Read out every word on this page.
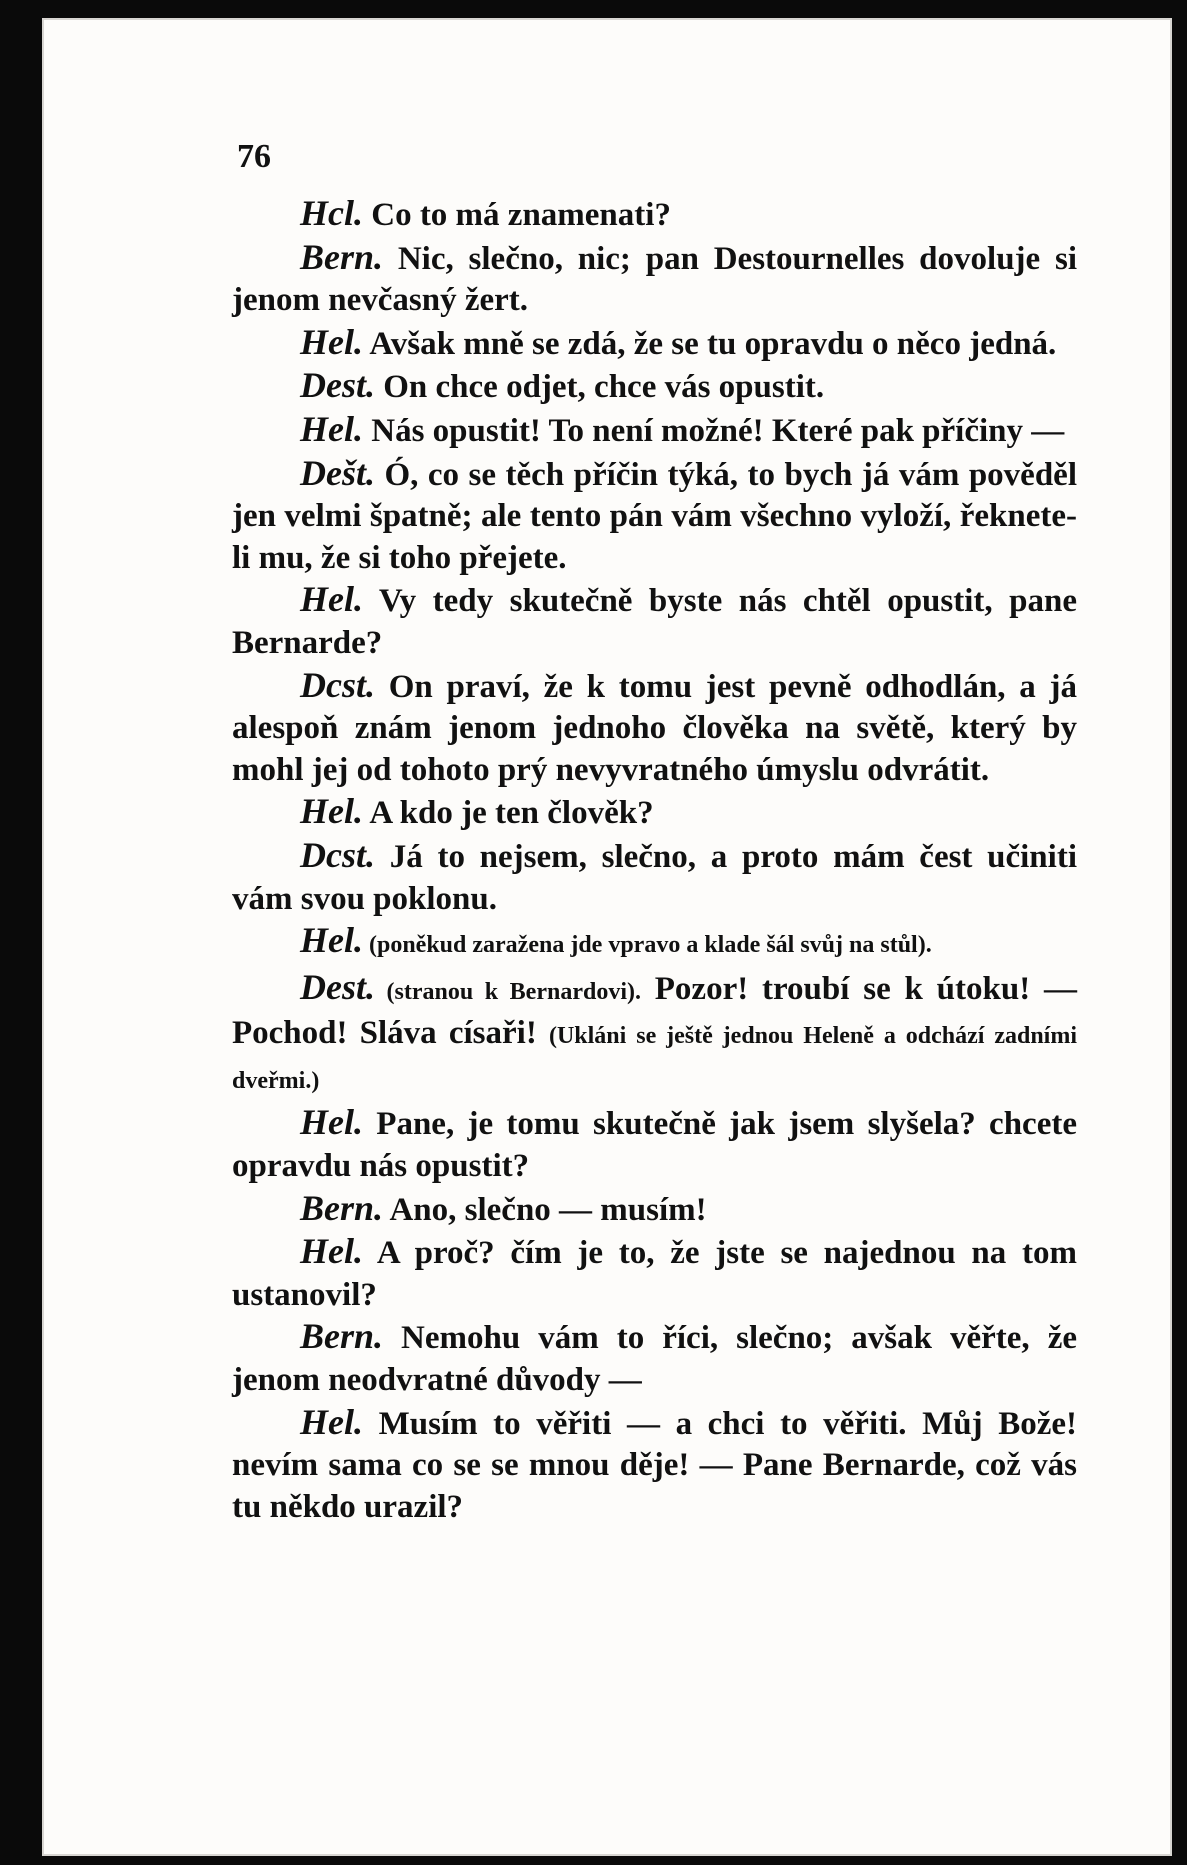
76

Hcl. Co to má znamenati?

Bern. Nic, slečno, nic; pan Destournelles dovoluje si jenom nevčasný žert.

Hel. Avšak mně se zdá, že se tu opravdu o něco jedná.

Dest. On chce odjet, chce vás opustit.

Hel. Nás opustit! To není možné! Které pak příčiny —

Dešt. Ó, co se těch příčin týká, to bych já vám pověděl jen velmi špatně; ale tento pán vám všechno vyloží, řeknete-li mu, že si toho přejete.

Hel. Vy tedy skutečně byste nás chtěl opustit, pane Bernarde?

Dcst. On praví, že k tomu jest pevně odhodlán, a já alespoň znám jenom jednoho člověka na světě, který by mohl jej od tohoto prý nevyvratného úmyslu odvrátit.

Hel. A kdo je ten člověk?

Dcst. Já to nejsem, slečno, a proto mám čest učiniti vám svou poklonu.

Hel. (poněkud zaražena jde vpravo a klade šál svůj na stůl).

Dest. (stranou k Bernardovi). Pozor! troubí se k útoku! — Pochod! Sláva císaři! (Ukláni se ještě jednou Heleně a odchází zadními dveřmi.)

Hel. Pane, je tomu skutečně jak jsem slyšela? chcete opravdu nás opustit?

Bern. Ano, slečno — musím!

Hel. A proč? čím je to, že jste se najednou na tom ustanovil?

Bern. Nemohu vám to říci, slečno; avšak věřte, že jenom neodvratné důvody —

Hel. Musím to věřiti — a chci to věřiti. Můj Bože! nevím sama co se se mnou děje! — Pane Bernarde, což vás tu někdo urazil?
